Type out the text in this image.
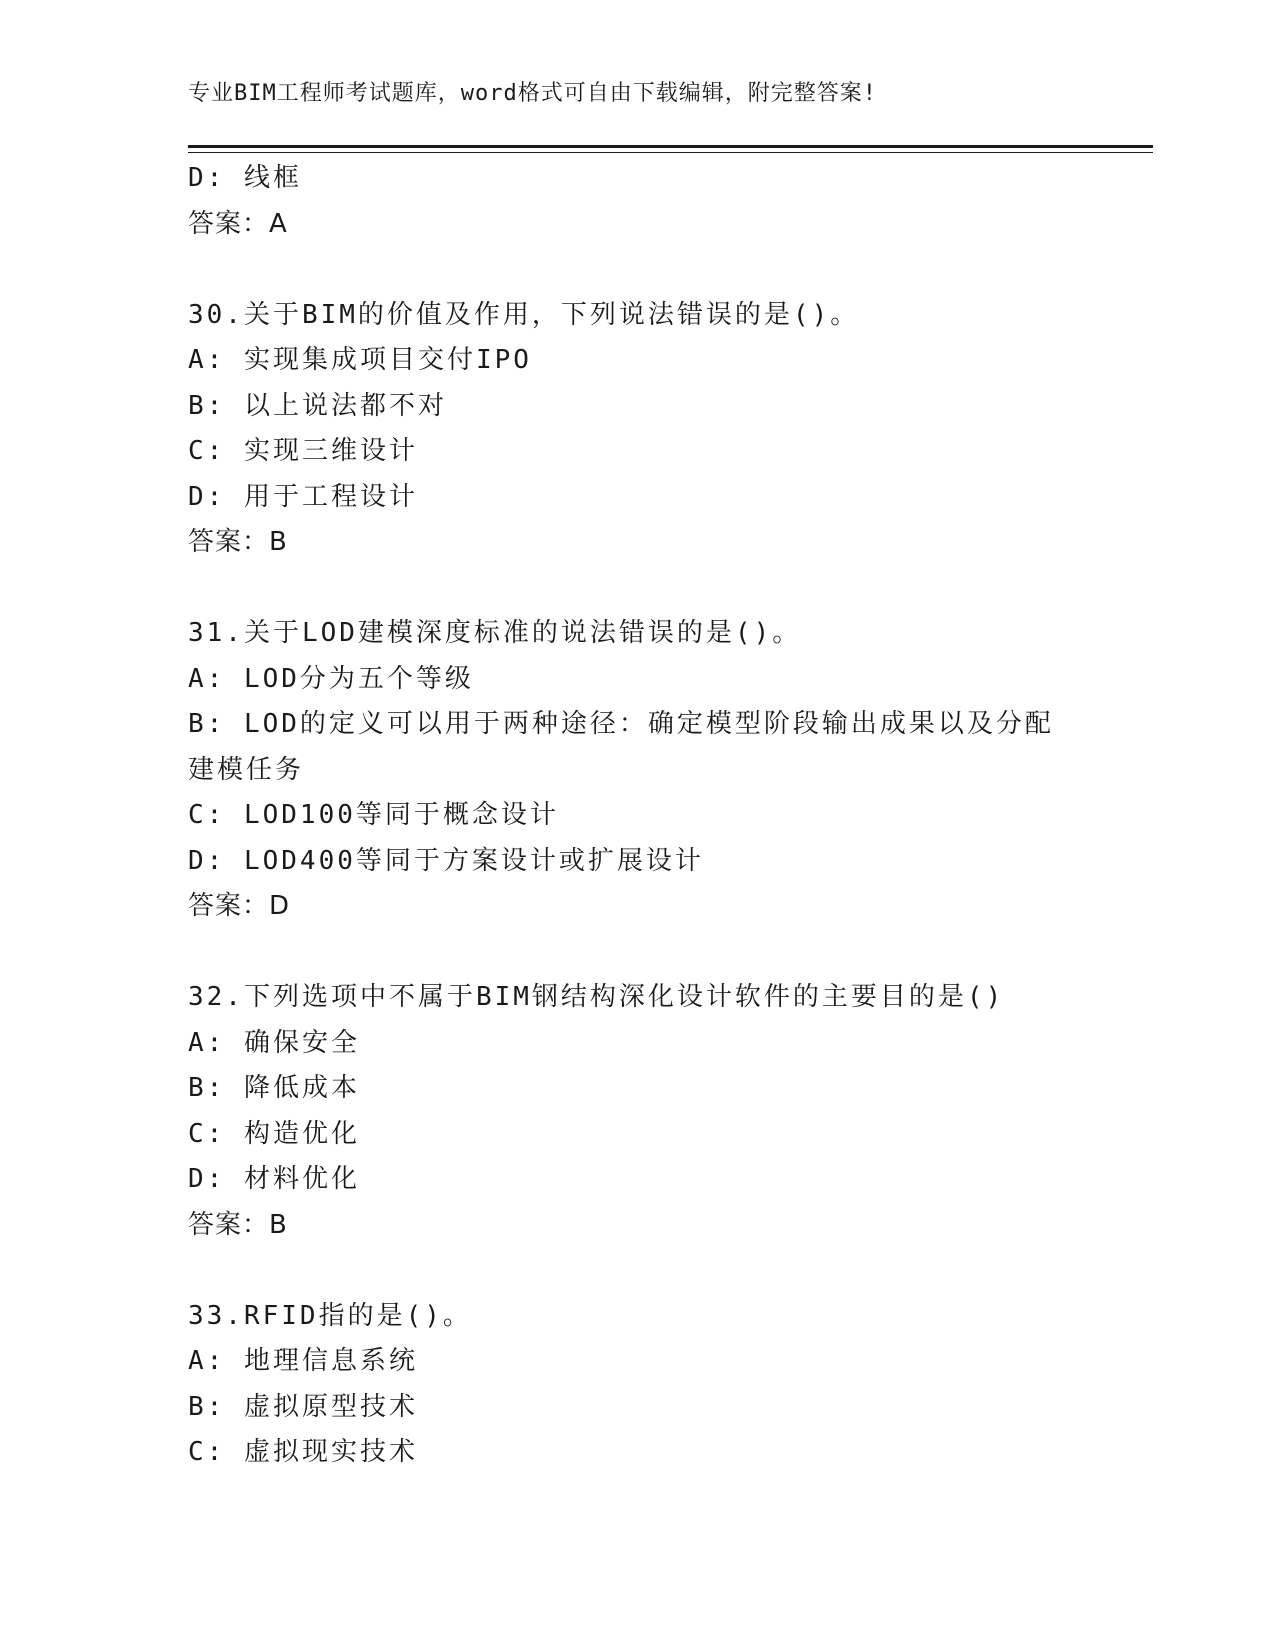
专业BIM工程师考试题库，word格式可自由下载编辑，附完整答案!
D: 线框
答案：A
30.关于BIM的价值及作用，下列说法错误的是()。
A: 实现集成项目交付IPO
B: 以上说法都不对
C: 实现三维设计
D: 用于工程设计
答案：B
31.关于LOD建模深度标准的说法错误的是()。
A: LOD分为五个等级
B: LOD的定义可以用于两种途径：确定模型阶段输出成果以及分配建模任务
C: LOD100等同于概念设计
D: LOD400等同于方案设计或扩展设计
答案：D
32.下列选项中不属于BIM钢结构深化设计软件的主要目的是()
A: 确保安全
B: 降低成本
C: 构造优化
D: 材料优化
答案：B
33.RFID指的是()。
A: 地理信息系统
B: 虚拟原型技术
C: 虚拟现实技术
